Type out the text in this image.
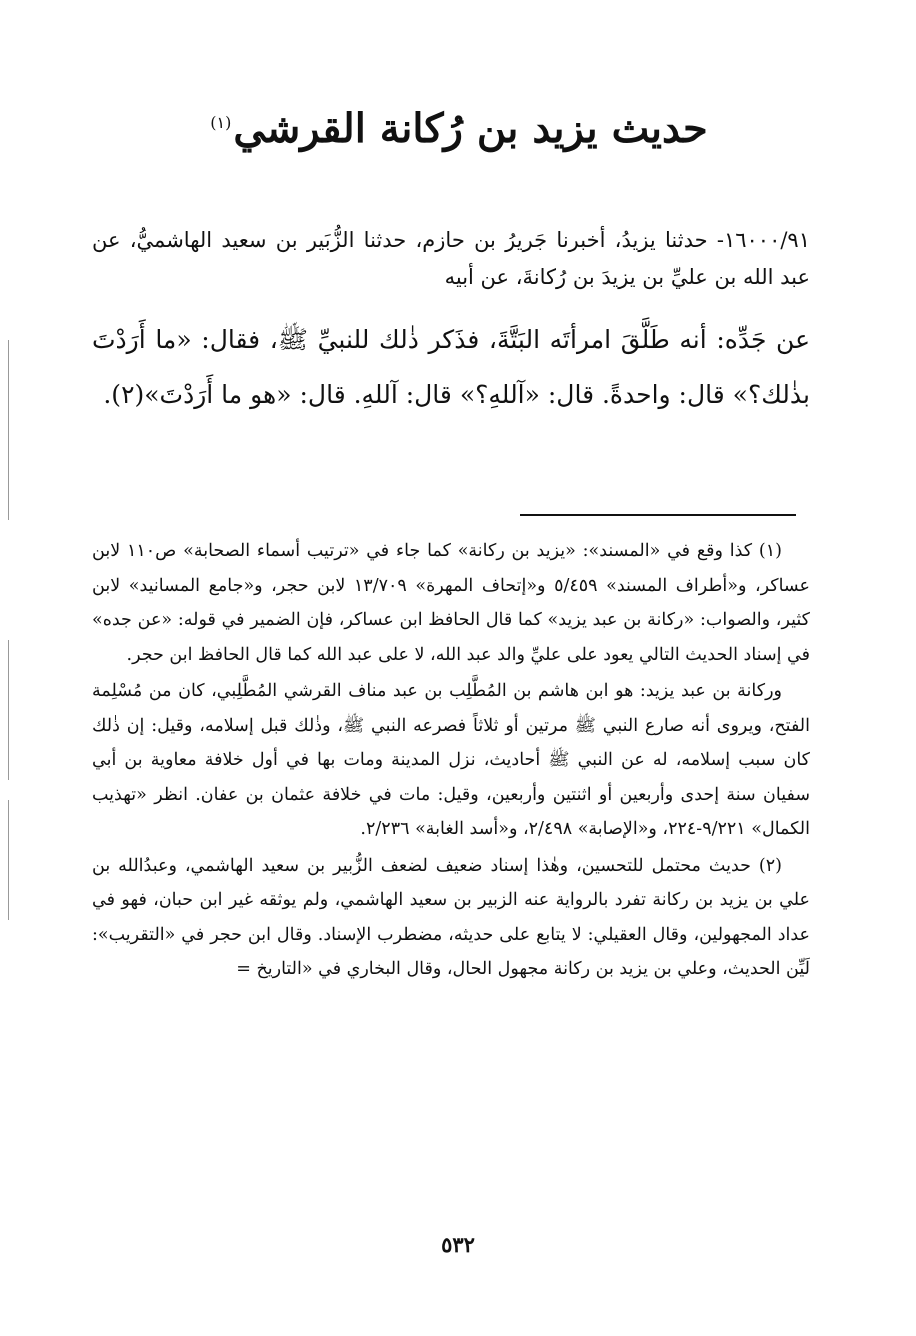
حديث يزيد بن رُكانة القرشي$^{(١)}$

١٦٠٠٠/٩١- حدثنا يزيدُ، أخبرنا جَريرُ بن حازم، حدثنا الزُّبَير بن سعيد الهاشميُّ، عن عبد الله بن عليِّ بن يزيدَ بن رُكانةَ، عن أبيه

عن جَدِّه: أنه طَلَّقَ امرأتَه البَتَّةَ، فذَكر ذٰلك للنبيِّ ﷺ، فقال: «ما أَرَدْتَ بذٰلك؟» قال: واحدةً. قال: «آللهِ؟» قال: آللهِ. قال: «هو ما أَرَدْتَ»(٢).

(١) كذا وقع في «المسند»: «يزيد بن ركانة» كما جاء في «ترتيب أسماء الصحابة» ص١١٠ لابن عساكر، و«أطراف المسند» ٥/٤٥٩ و«إتحاف المهرة» ١٣/٧٠٩ لابن حجر، و«جامع المسانيد» لابن كثير، والصواب: «ركانة بن عبد يزيد» كما قال الحافظ ابن عساكر، فإن الضمير في قوله: «عن جده» في إسناد الحديث التالي يعود على عليِّ والد عبد الله، لا على عبد الله كما قال الحافظ ابن حجر.

وركانة بن عبد يزيد: هو ابن هاشم بن المُطَّلِب بن عبد مناف القرشي المُطَّلِبي، كان من مُسْلِمة الفتح، ويروى أنه صارع النبي ﷺ مرتين أو ثلاثاً فصرعه النبي ﷺ، وذٰلك قبل إسلامه، وقيل: إن ذٰلك كان سبب إسلامه، له عن النبي ﷺ أحاديث، نزل المدينة ومات بها في أول خلافة معاوية بن أبي سفيان سنة إحدى وأربعين أو اثنتين وأربعين، وقيل: مات في خلافة عثمان بن عفان. انظر «تهذيب الكمال» ٩/٢٢١-٢٢٤، و«الإصابة» ٢/٤٩٨، و«أسد الغابة» ٢/٢٣٦.

(٢) حديث محتمل للتحسين، وهٰذا إسناد ضعيف لضعف الزُّبير بن سعيد الهاشمي، وعبدُالله بن علي بن يزيد بن ركانة تفرد بالرواية عنه الزبير بن سعيد الهاشمي، ولم يوثقه غير ابن حبان، فهو في عداد المجهولين، وقال العقيلي: لا يتابع على حديثه، مضطرب الإسناد. وقال ابن حجر في «التقريب»: لَيِّن الحديث، وعلي بن يزيد بن ركانة مجهول الحال، وقال البخاري في «التاريخ =

٥٣٢
